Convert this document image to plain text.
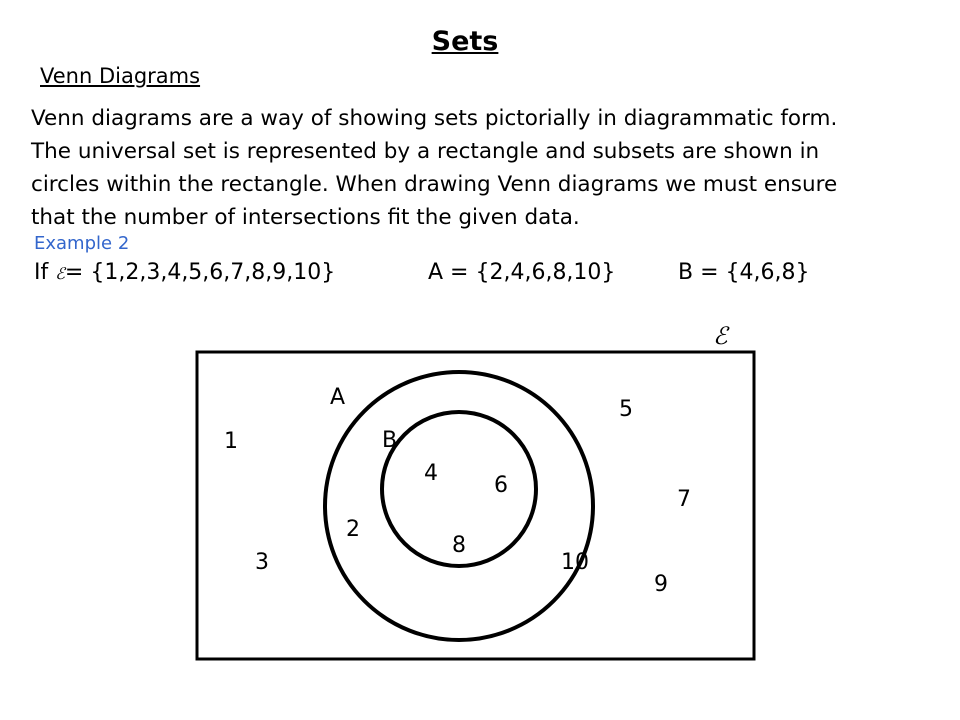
Sets
Venn Diagrams
Venn diagrams are a way of showing sets pictorially in diagrammatic form.
The universal set is represented by a rectangle and subsets are shown in
circles within the rectangle. When drawing Venn diagrams we must ensure
that the number of intersections fit the given data.
Example 2
If ℰ= {1,2,3,4,5,6,7,8,9,10}	A = {2,4,6,8,10}	B = {4,6,8}
ℰ
A
B
1
3
5
7
9
2
10
4	6
8
